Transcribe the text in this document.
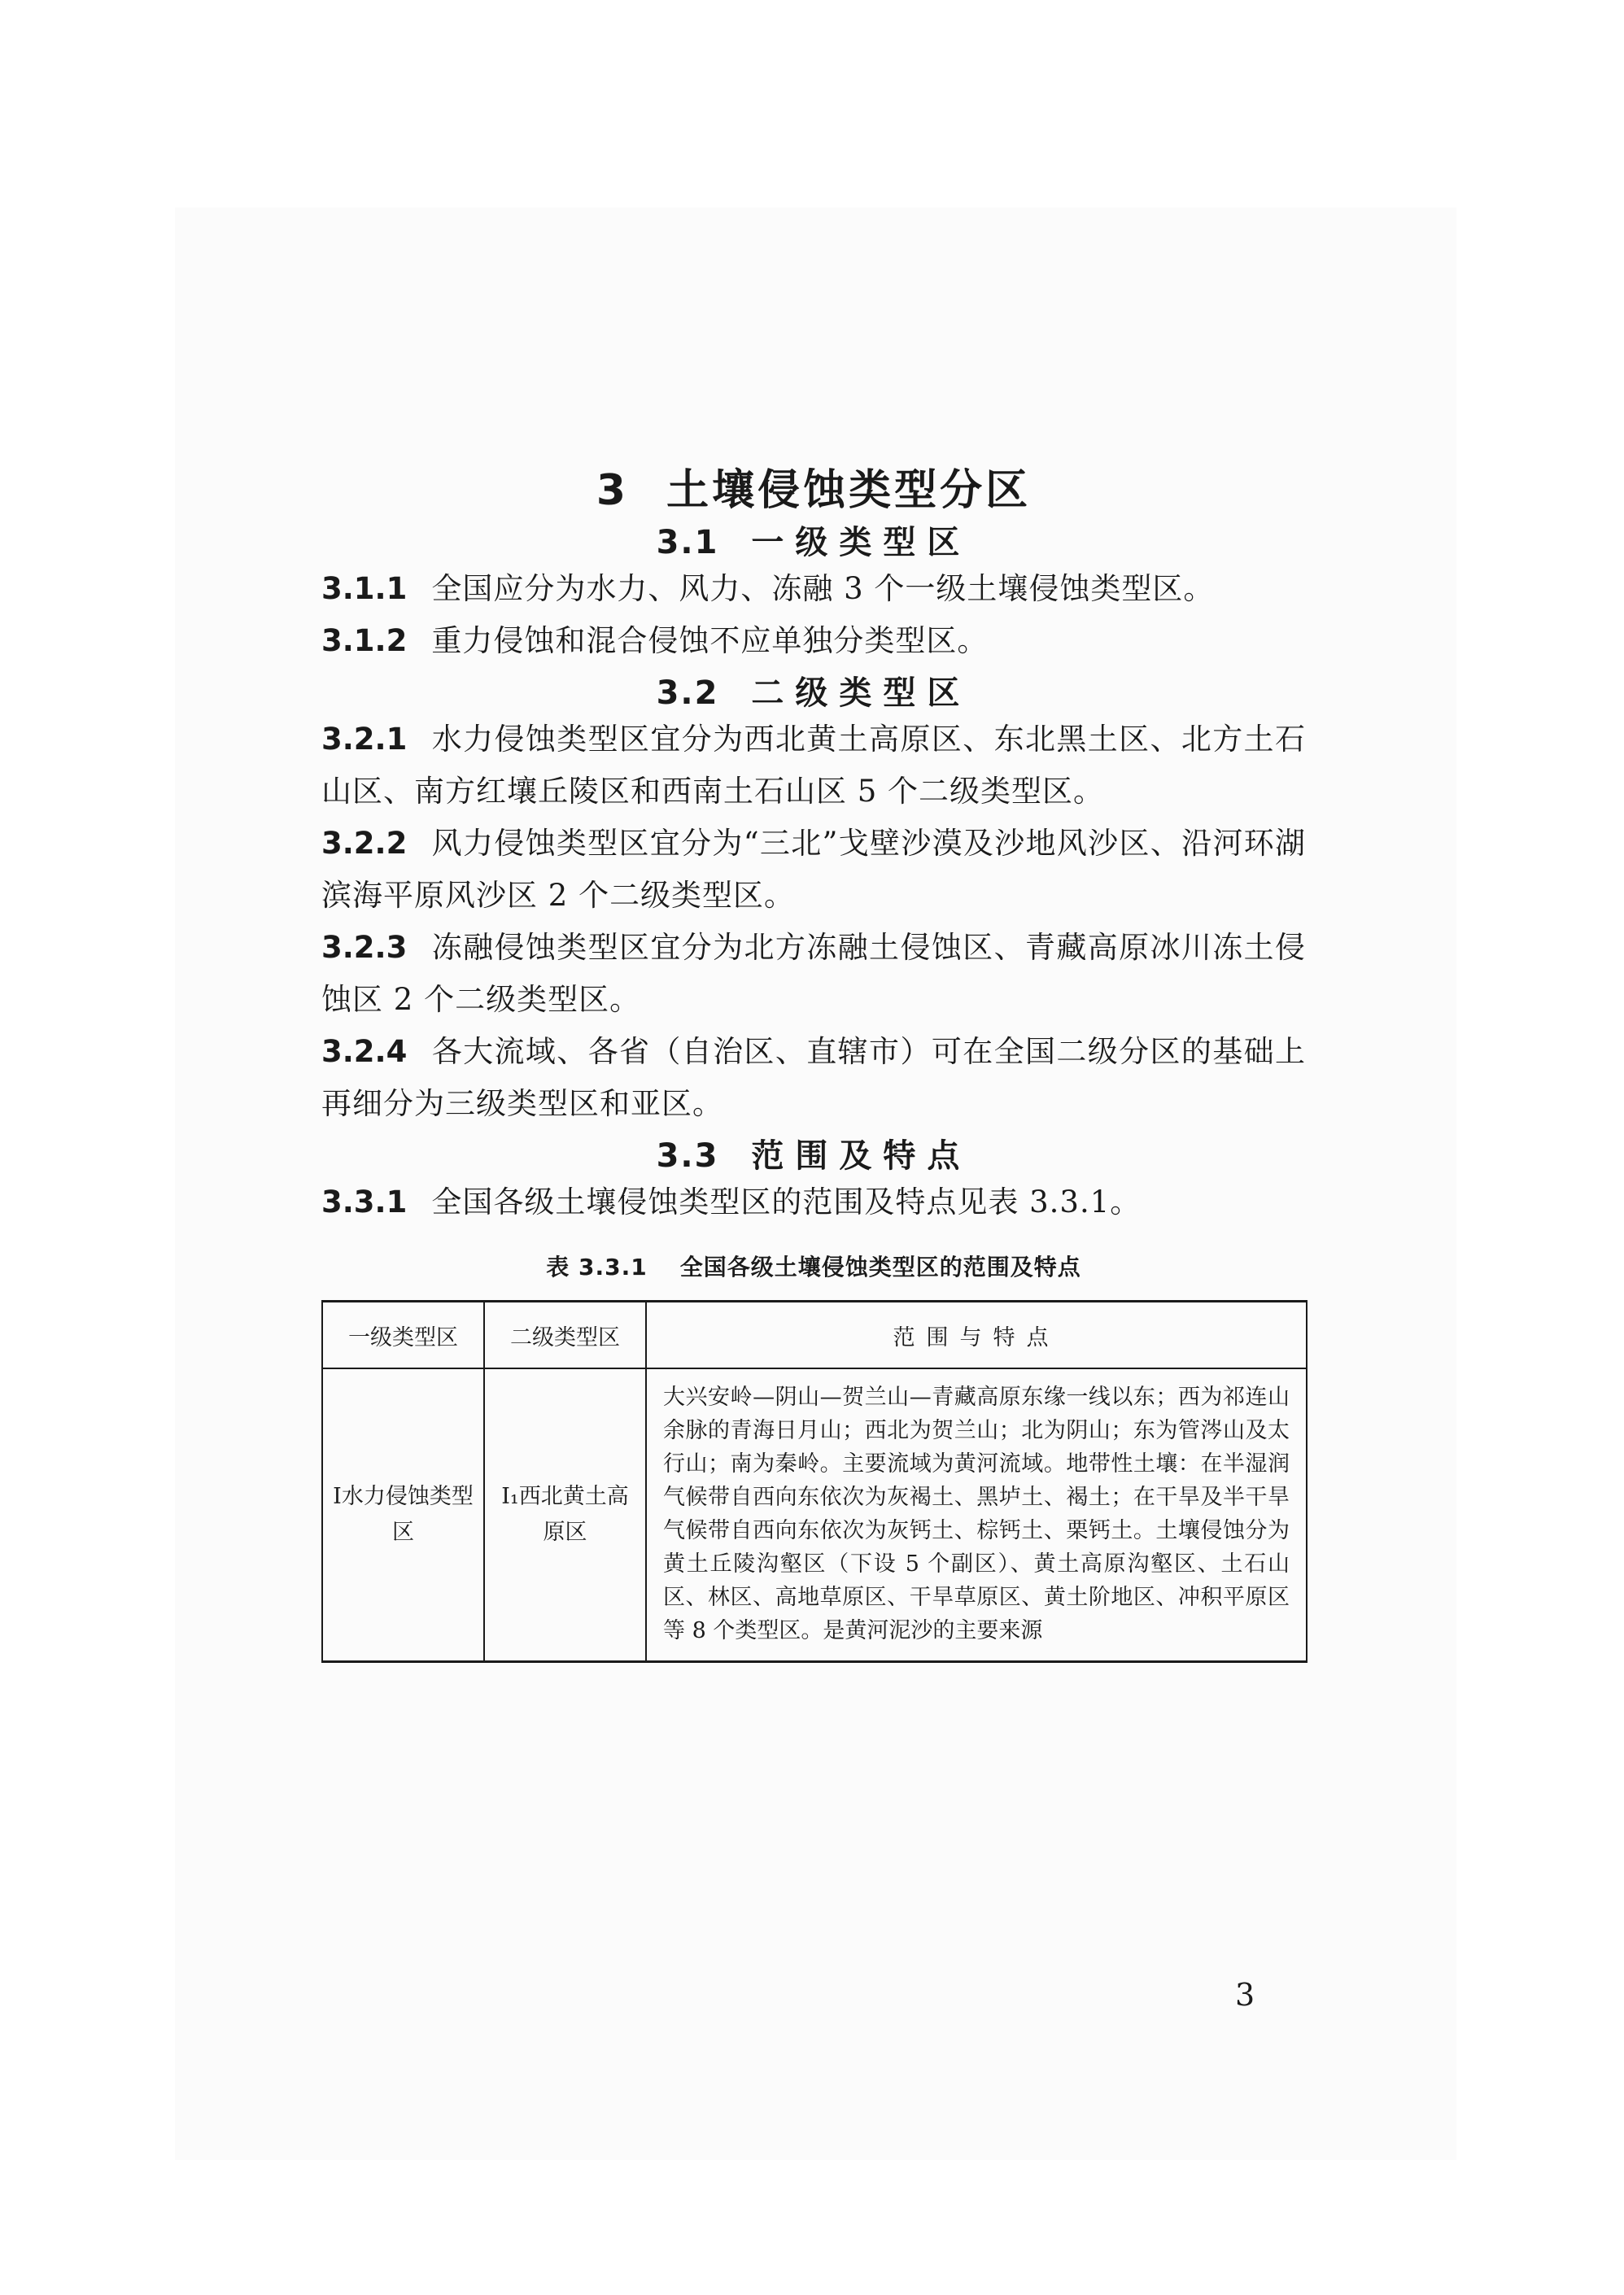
3 土壤侵蚀类型分区
3.1 一级类型区

3.1.1 全国应分为水力、风力、冻融 3 个一级土壤侵蚀类型区。

3.1.2 重力侵蚀和混合侵蚀不应单独分类型区。

3.2 二级类型区

3.2.1 水力侵蚀类型区宜分为西北黄土高原区、东北黑土区、北方土石山区、南方红壤丘陵区和西南土石山区 5 个二级类型区。

3.2.2 风力侵蚀类型区宜分为“三北”戈壁沙漠及沙地风沙区、沿河环湖滨海平原风沙区 2 个二级类型区。

3.2.3 冻融侵蚀类型区宜分为北方冻融土侵蚀区、青藏高原冰川冻土侵蚀区 2 个二级类型区。

3.2.4 各大流域、各省（自治区、直辖市）可在全国二级分区的基础上再细分为三级类型区和亚区。

3.3 范围及特点

3.3.1 全国各级土壤侵蚀类型区的范围及特点见表 3.3.1。

表 3.3.1 全国各级土壤侵蚀类型区的范围及特点
一级类型区	二级类型区	范围与特点
Ⅰ水力侵蚀类型区	Ⅰ₁西北黄土高原区	大兴安岭—阴山—贺兰山—青藏高原东缘一线以东；西为祁连山余脉的青海日月山；西北为贺兰山；北为阴山；东为管涔山及太行山；南为秦岭。主要流域为黄河流域。地带性土壤：在半湿润气候带自西向东依次为灰褐土、黑垆土、褐土；在干旱及半干旱气候带自西向东依次为灰钙土、棕钙土、栗钙土。土壤侵蚀分为黄土丘陵沟壑区（下设 5 个副区）、黄土高原沟壑区、土石山区、林区、高地草原区、干旱草原区、黄土阶地区、冲积平原区等 8 个类型区。是黄河泥沙的主要来源
3
